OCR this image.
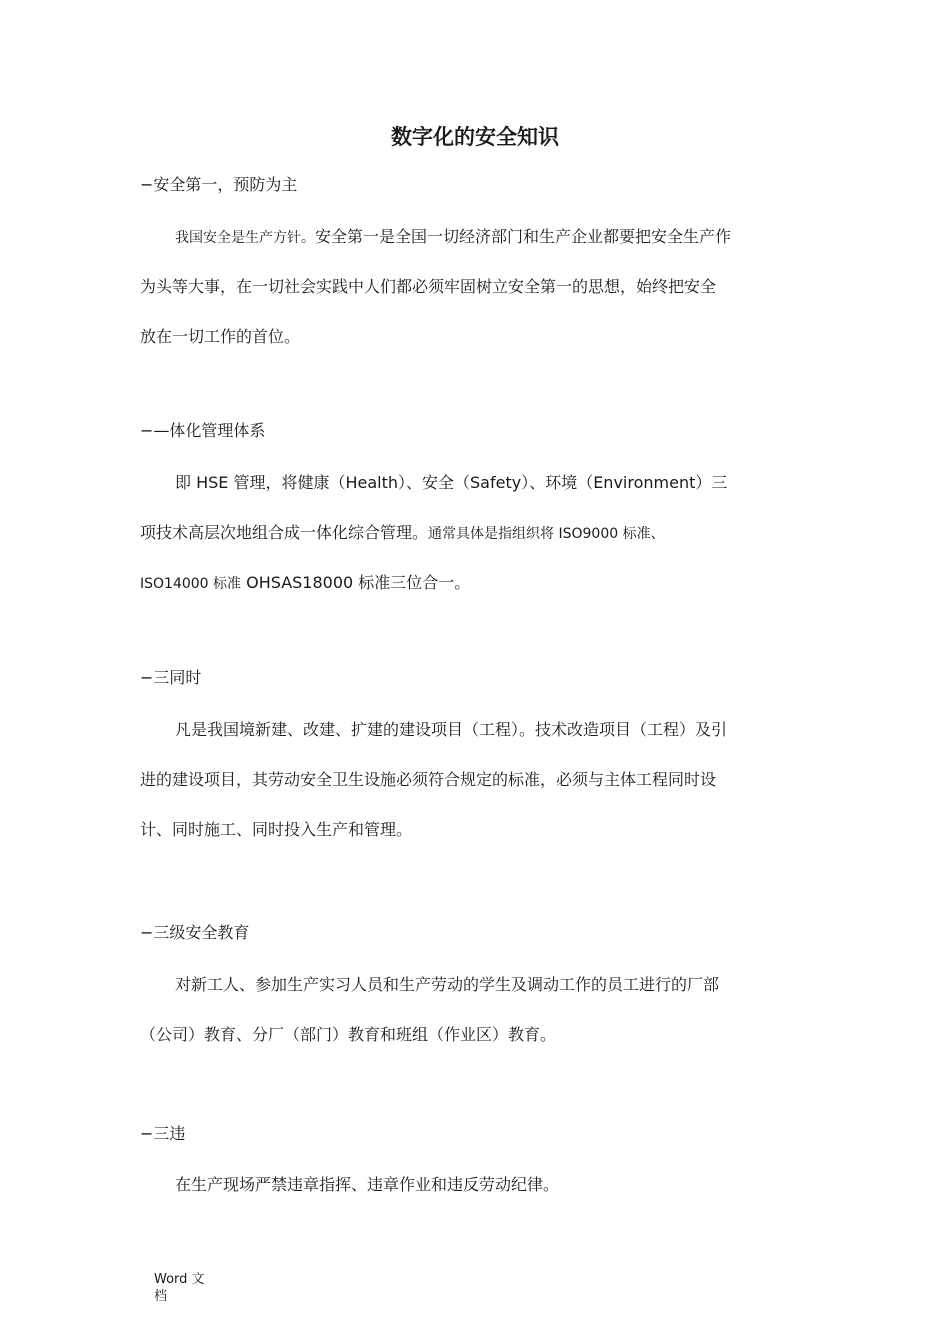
数字化的安全知识

−安全第一，预防为主

我国安全是生产方针。安全第一是全国一切经济部门和生产企业都要把安全生产作
为头等大事，在一切社会实践中人们都必须牢固树立安全第一的思想，始终把安全
放在一切工作的首位。

−—体化管理体系

即 HSE 管理，将健康（Health）、安全（Safety）、环境（Environment）三
项技术高层次地组合成一体化综合管理。通常具体是指组织将 ISO9000 标准、
ISO14000 标准 OHSAS18000 标准三位合一。

−三同时

凡是我国境新建、改建、扩建的建设项目（工程）。技术改造项目（工程）及引
进的建设项目，其劳动安全卫生设施必须符合规定的标准，必须与主体工程同时设
计、同时施工、同时投入生产和管理。

−三级安全教育

对新工人、参加生产实习人员和生产劳动的学生及调动工作的员工进行的厂部
（公司）教育、分厂（部门）教育和班组（作业区）教育。

−三违

在生产现场严禁违章指挥、违章作业和违反劳动纪律。
Word 文
档
